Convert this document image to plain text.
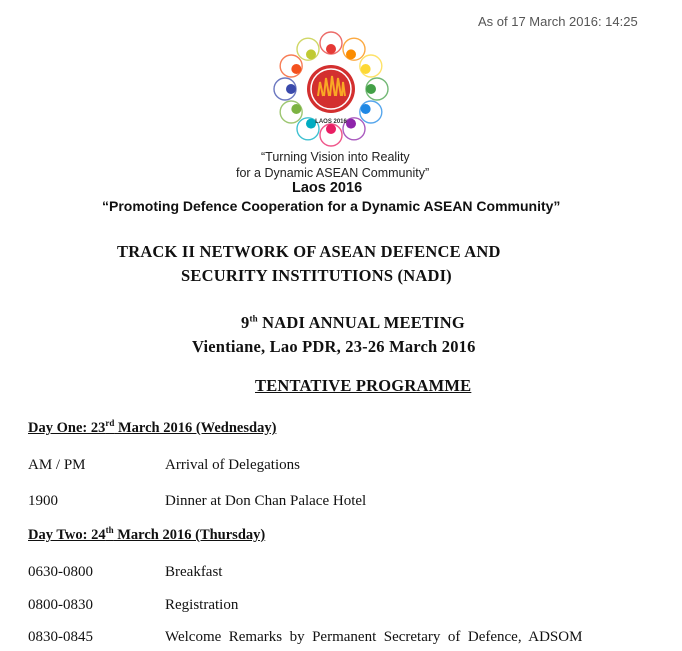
As of 17 March 2016: 14:25
LAOS 2016
“Turning Vision into Reality
for a Dynamic ASEAN Community”
Laos 2016
“Promoting Defence Cooperation for a Dynamic ASEAN Community”
TRACK II NETWORK OF ASEAN DEFENCE AND
SECURITY INSTITUTIONS (NADI)
9th NADI ANNUAL MEETING
Vientiane, Lao PDR, 23-26 March 2016
TENTATIVE PROGRAMME
Day One: 23rd March 2016 (Wednesday)
AM / PM	Arrival of Delegations
1900	Dinner at Don Chan Palace Hotel
Day Two: 24th March 2016 (Thursday)
0630-0800	Breakfast
0800-0830	Registration
0830-0845	Welcome  Remarks  by  Permanent  Secretary  of  Defence,  ADSOM
